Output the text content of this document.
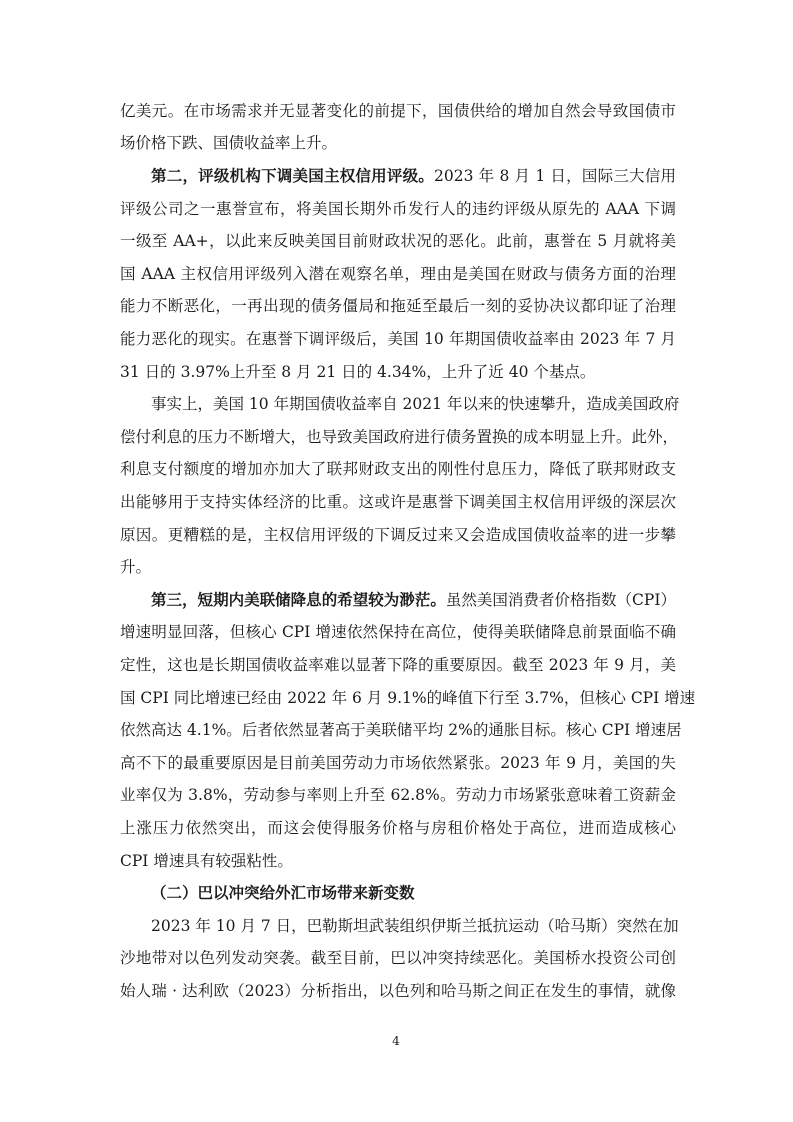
亿美元。在市场需求并无显著变化的前提下，国债供给的增加自然会导致国债市
场价格下跌、国债收益率上升。
第二，评级机构下调美国主权信用评级。2023 年 8 月 1 日，国际三大信用
评级公司之一惠誉宣布，将美国长期外币发行人的违约评级从原先的 AAA 下调
一级至 AA+，以此来反映美国目前财政状况的恶化。此前，惠誉在 5 月就将美
国 AAA 主权信用评级列入潜在观察名单，理由是美国在财政与债务方面的治理
能力不断恶化，一再出现的债务僵局和拖延至最后一刻的妥协决议都印证了治理
能力恶化的现实。在惠誉下调评级后，美国 10 年期国债收益率由 2023 年 7 月
31 日的 3.97%上升至 8 月 21 日的 4.34%，上升了近 40 个基点。
事实上，美国 10 年期国债收益率自 2021 年以来的快速攀升，造成美国政府
偿付利息的压力不断增大，也导致美国政府进行债务置换的成本明显上升。此外，
利息支付额度的增加亦加大了联邦财政支出的刚性付息压力，降低了联邦财政支
出能够用于支持实体经济的比重。这或许是惠誉下调美国主权信用评级的深层次
原因。更糟糕的是，主权信用评级的下调反过来又会造成国债收益率的进一步攀
升。
第三，短期内美联储降息的希望较为渺茫。虽然美国消费者价格指数（CPI）
增速明显回落，但核心 CPI 增速依然保持在高位，使得美联储降息前景面临不确
定性，这也是长期国债收益率难以显著下降的重要原因。截至 2023 年 9 月，美
国 CPI 同比增速已经由 2022 年 6 月 9.1%的峰值下行至 3.7%，但核心 CPI 增速
依然高达 4.1%。后者依然显著高于美联储平均 2%的通胀目标。核心 CPI 增速居
高不下的最重要原因是目前美国劳动力市场依然紧张。2023 年 9 月，美国的失
业率仅为 3.8%，劳动参与率则上升至 62.8%。劳动力市场紧张意味着工资薪金
上涨压力依然突出，而这会使得服务价格与房租价格处于高位，进而造成核心
CPI 增速具有较强粘性。
（二）巴以冲突给外汇市场带来新变数
2023 年 10 月 7 日，巴勒斯坦武装组织伊斯兰抵抗运动（哈马斯）突然在加
沙地带对以色列发动突袭。截至目前，巴以冲突持续恶化。美国桥水投资公司创
始人瑞 · 达利欧（2023）分析指出，以色列和哈马斯之间正在发生的事情，就像
4
